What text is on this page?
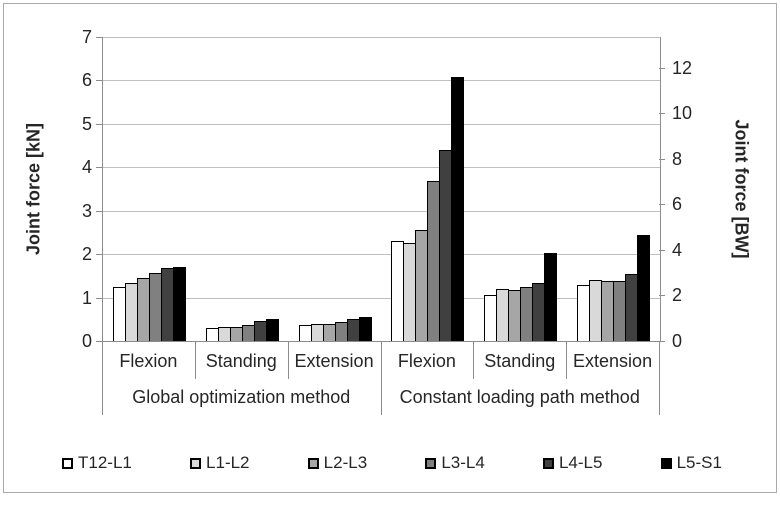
Joint force [kN]	Joint force [BW]
0
1
2
3
4
5
6
7
0
2
4
6
8
10
12
Flexion	Standing Extension	Flexion	Standing Extension
Global optimization method	Constant loading path method
T12-L1	L1-L2	L2-L3	L3-L4	L4-L5	L5-S1
